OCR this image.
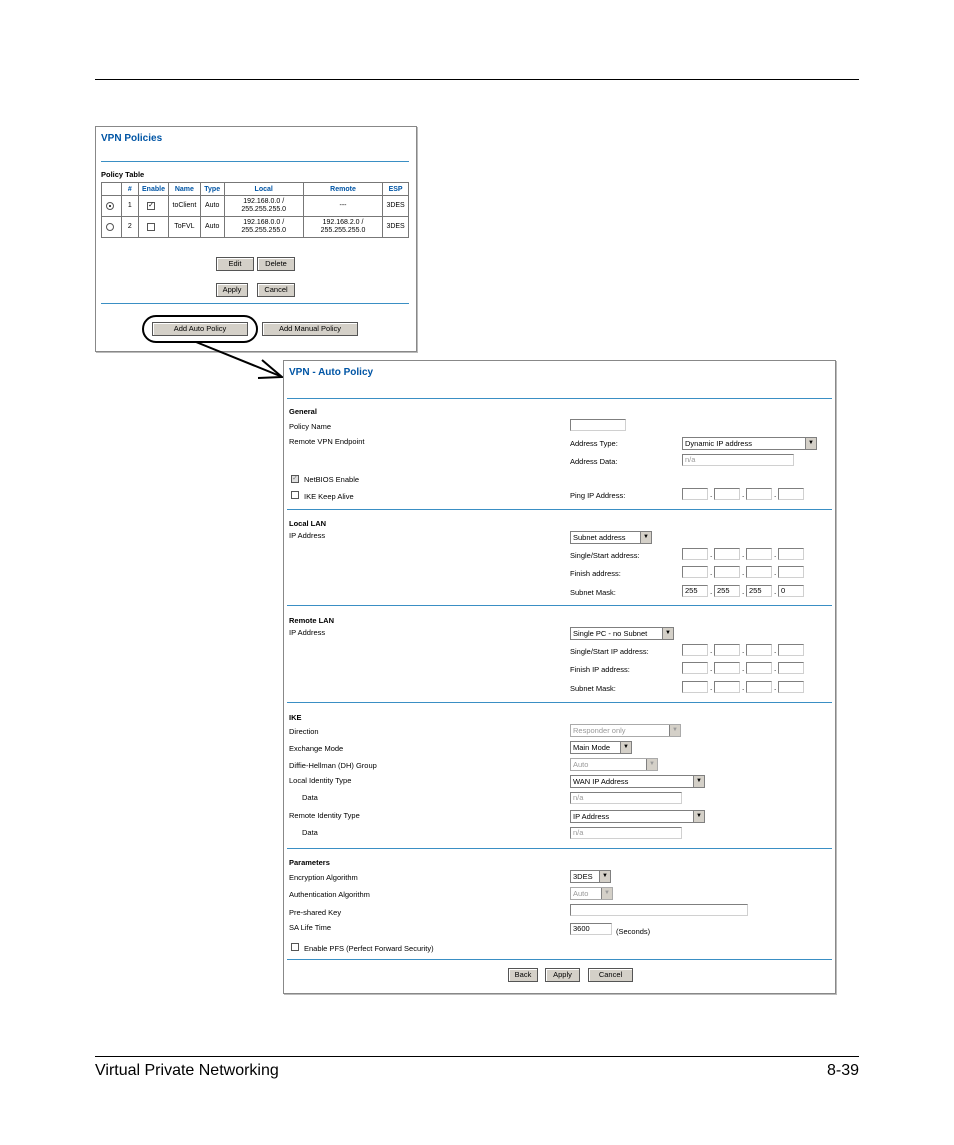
Virtual Private Networking	8-39
VPN Policies
Policy Table
	#	Enable	Name	Type	Local	Remote	ESP

	1	✓	toClient	Auto	192.168.0.0 /
255.255.255.0	---	3DES

	2		ToFVL	Auto	192.168.0.0 /
255.255.255.0	192.168.2.0 /
255.255.255.0	3DES
Edit	Delete
Apply	Cancel
Add Auto Policy	Add Manual Policy
VPN - Auto Policy
General
Policy Name
Remote VPN Endpoint	Address Type:	Dynamic IP address	▼
Address Data:	n/a
✓ NetBIOS Enable
IKE Keep Alive	Ping IP Address:	.	.	.
Local LAN
IP Address	Subnet address	▼
Single/Start address:	.	.	.
Finish address:	.	.	.
Subnet Mask:	255	. 255	. 255	. 0
Remote LAN
IP Address	Single PC - no Subnet	▼
Single/Start IP address:	.	.	.
Finish IP address:	.	.	.
Subnet Mask:	.	.	.
IKE
Direction	Responder only	▼
Exchange Mode	Main Mode	▼
Diffie-Hellman (DH) Group	Auto	▼
Local Identity Type	WAN IP Address	▼
Data	n/a
Remote Identity Type	IP Address	▼
Data	n/a
Parameters
Encryption Algorithm	3DES	▼
Authentication Algorithm	Auto	▼
Pre-shared Key
SA Life Time	3600	(Seconds)
Enable PFS (Perfect Forward Security)
Back	Apply	Cancel
